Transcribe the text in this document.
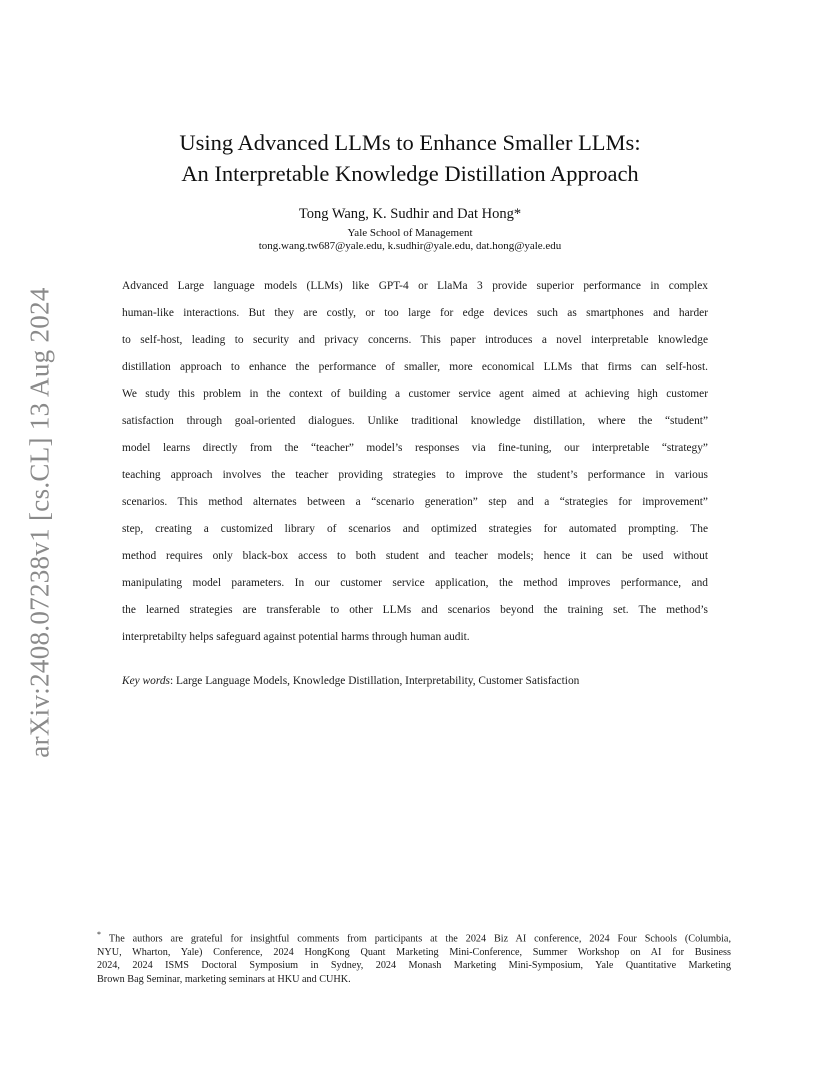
arXiv:2408.07238v1 [cs.CL] 13 Aug 2024
Using Advanced LLMs to Enhance Smaller LLMs:
An Interpretable Knowledge Distillation Approach
Tong Wang, K. Sudhir and Dat Hong*
Yale School of Management
tong.wang.tw687@yale.edu, k.sudhir@yale.edu, dat.hong@yale.edu
Advanced Large language models (LLMs) like GPT-4 or LlaMa 3 provide superior performance in complex
human-like interactions. But they are costly, or too large for edge devices such as smartphones and harder
to self-host, leading to security and privacy concerns. This paper introduces a novel interpretable knowledge
distillation approach to enhance the performance of smaller, more economical LLMs that firms can self-host.
We study this problem in the context of building a customer service agent aimed at achieving high customer
satisfaction through goal-oriented dialogues. Unlike traditional knowledge distillation, where the “student”
model learns directly from the “teacher” model’s responses via fine-tuning, our interpretable “strategy”
teaching approach involves the teacher providing strategies to improve the student’s performance in various
scenarios. This method alternates between a “scenario generation” step and a “strategies for improvement”
step, creating a customized library of scenarios and optimized strategies for automated prompting. The
method requires only black-box access to both student and teacher models; hence it can be used without
manipulating model parameters. In our customer service application, the method improves performance, and
the learned strategies are transferable to other LLMs and scenarios beyond the training set. The method’s
interpretabilty helps safeguard against potential harms through human audit.
Key words: Large Language Models, Knowledge Distillation, Interpretability, Customer Satisfaction
* The authors are grateful for insightful comments from participants at the 2024 Biz AI conference, 2024 Four Schools (Columbia,
NYU, Wharton, Yale) Conference, 2024 HongKong Quant Marketing Mini-Conference, Summer Workshop on AI for Business
2024, 2024 ISMS Doctoral Symposium in Sydney, 2024 Monash Marketing Mini-Symposium, Yale Quantitative Marketing
Brown Bag Seminar, marketing seminars at HKU and CUHK.
